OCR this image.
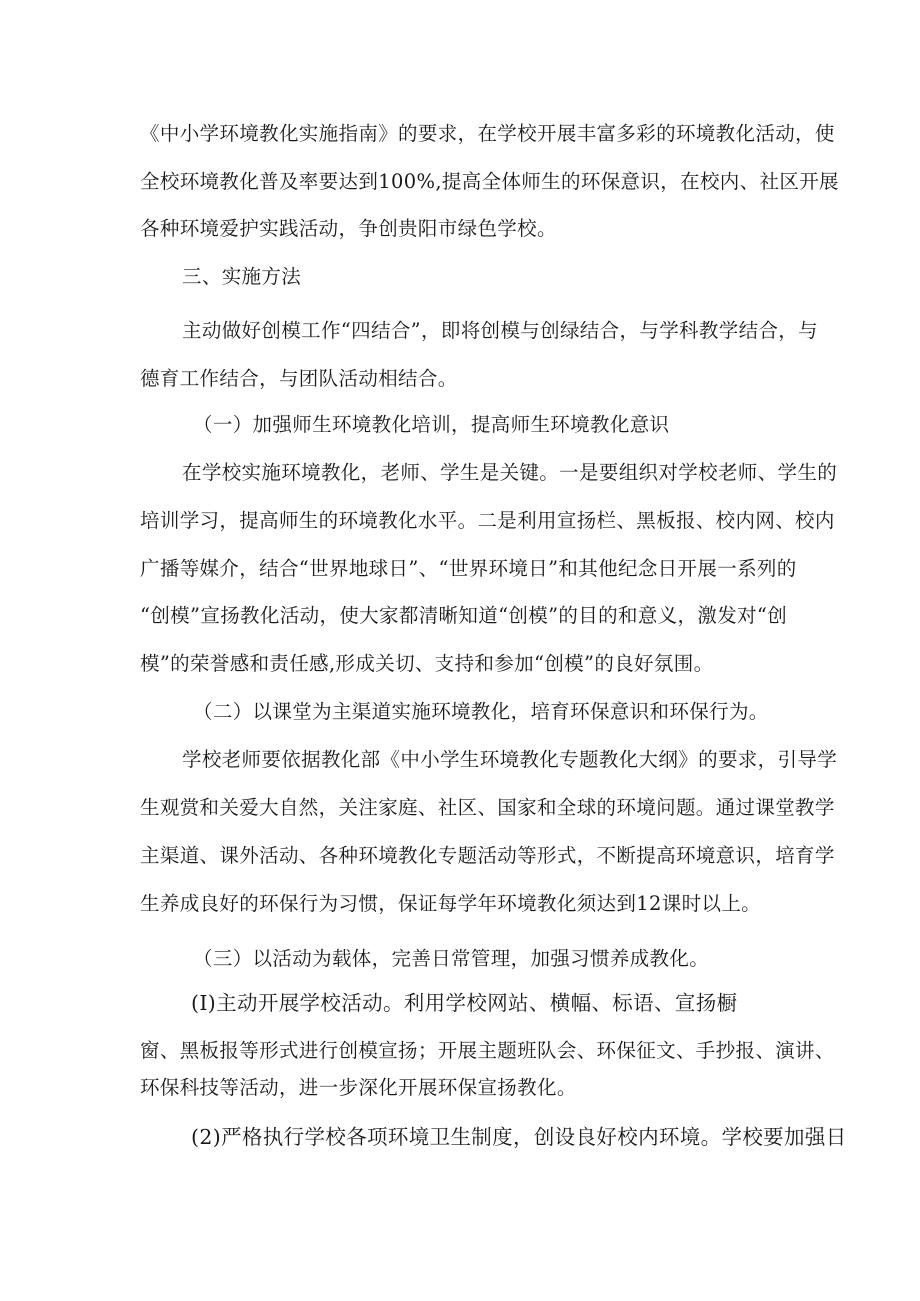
《中小学环境教化实施指南》的要求，在学校开展丰富多彩的环境教化活动，使
全校环境教化普及率要达到100%,提高全体师生的环保意识，在校内、社区开展
各种环境爱护实践活动，争创贵阳市绿色学校。
三、实施方法
主动做好创模工作“四结合”，即将创模与创绿结合，与学科教学结合，与
德育工作结合，与团队活动相结合。
（一）加强师生环境教化培训，提高师生环境教化意识
在学校实施环境教化，老师、学生是关键。一是要组织对学校老师、学生的
培训学习，提高师生的环境教化水平。二是利用宣扬栏、黑板报、校内网、校内
广播等媒介，结合“世界地球日”、“世界环境日”和其他纪念日开展一系列的
“创模”宣扬教化活动，使大家都清晰知道“创模”的目的和意义，激发对“创
模”的荣誉感和责任感,形成关切、支持和参加“创模”的良好氛围。
（二）以课堂为主渠道实施环境教化，培育环保意识和环保行为。
学校老师要依据教化部《中小学生环境教化专题教化大纲》的要求，引导学
生观赏和关爱大自然，关注家庭、社区、国家和全球的环境问题。通过课堂教学
主渠道、课外活动、各种环境教化专题活动等形式，不断提高环境意识，培育学
生养成良好的环保行为习惯，保证每学年环境教化须达到12课时以上。
（三）以活动为载体，完善日常管理，加强习惯养成教化。
(I)主动开展学校活动。利用学校网站、横幅、标语、宣扬橱
窗、黑板报等形式进行创模宣扬；开展主题班队会、环保征文、手抄报、演讲、
环保科技等活动，进一步深化开展环保宣扬教化。
(2)严格执行学校各项环境卫生制度，创设良好校内环境。学校要加强日
